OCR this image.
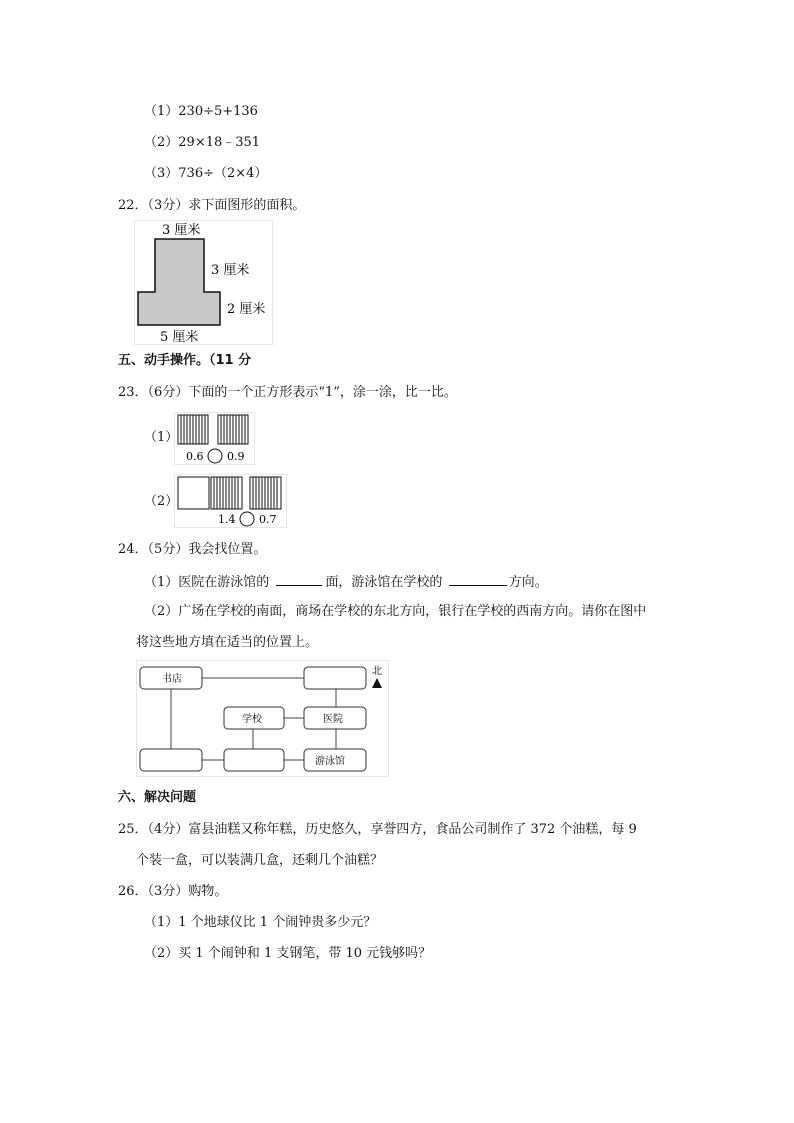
（1）230÷5+136
（2）29×18﹣351
（3）736÷（2×4）
22．（3分）求下面图形的面积。
3 厘米
3 厘米
2 厘米
5 厘米
五、动手操作。（11 分
23．（6分）下面的一个正方形表示“1”，涂一涂，比一比。
（1）
0.6 0.9
（2）
1.4 0.7
24．（5分）我会找位置。
（1）医院在游泳馆的	面，游泳馆在学校的	方向。
（2）广场在学校的南面，商场在学校的东北方向，银行在学校的西南方向。请你在图中
将这些地方填在适当的位置上。
书店
学校	医院
游泳馆
北
六、解决问题
25．（4分）富县油糕又称年糕，历史悠久，享誉四方，食品公司制作了 372 个油糕，每 9
个装一盒，可以装满几盒，还剩几个油糕？
26．（3分）购物。
（1）1 个地球仪比 1 个闹钟贵多少元？
（2）买 1 个闹钟和 1 支钢笔，带 10 元钱够吗？
